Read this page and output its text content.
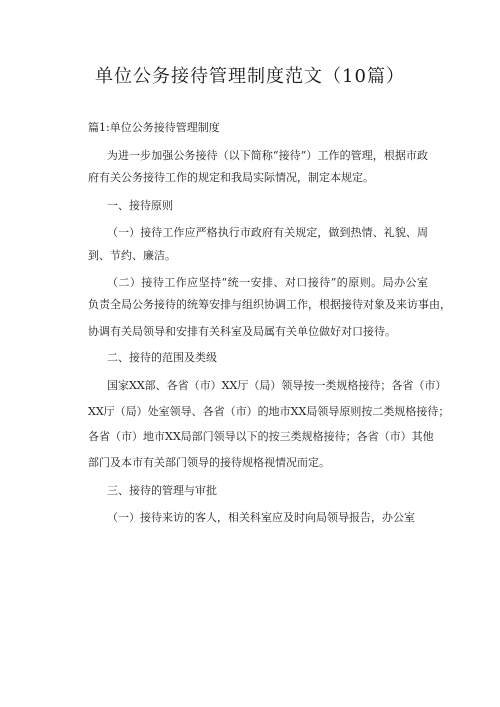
单位公务接待管理制度范文（10篇）
篇1:单位公务接待管理制度
为进一步加强公务接待（以下简称“接待”）工作的管理，根据市政
府有关公务接待工作的规定和我局实际情况，制定本规定。
一、接待原则
（一）接待工作应严格执行市政府有关规定，做到热情、礼貌、周
到、节约、廉洁。
（二）接待工作应坚持“统一安排、对口接待”的原则。局办公室
负责全局公务接待的统筹安排与组织协调工作，根据接待对象及来访事由，
协调有关局领导和安排有关科室及局属有关单位做好对口接待。
二、接待的范围及类级
国家XX部、各省（市）XX厅（局）领导按一类规格接待；各省（市）
XX厅（局）处室领导、各省（市）的地市XX局领导原则按二类规格接待；
各省（市）地市XX局部门领导以下的按三类规格接待；各省（市）其他
部门及本市有关部门领导的接待规格视情况而定。
三、接待的管理与审批
（一）接待来访的客人，相关科室应及时向局领导报告，办公室
